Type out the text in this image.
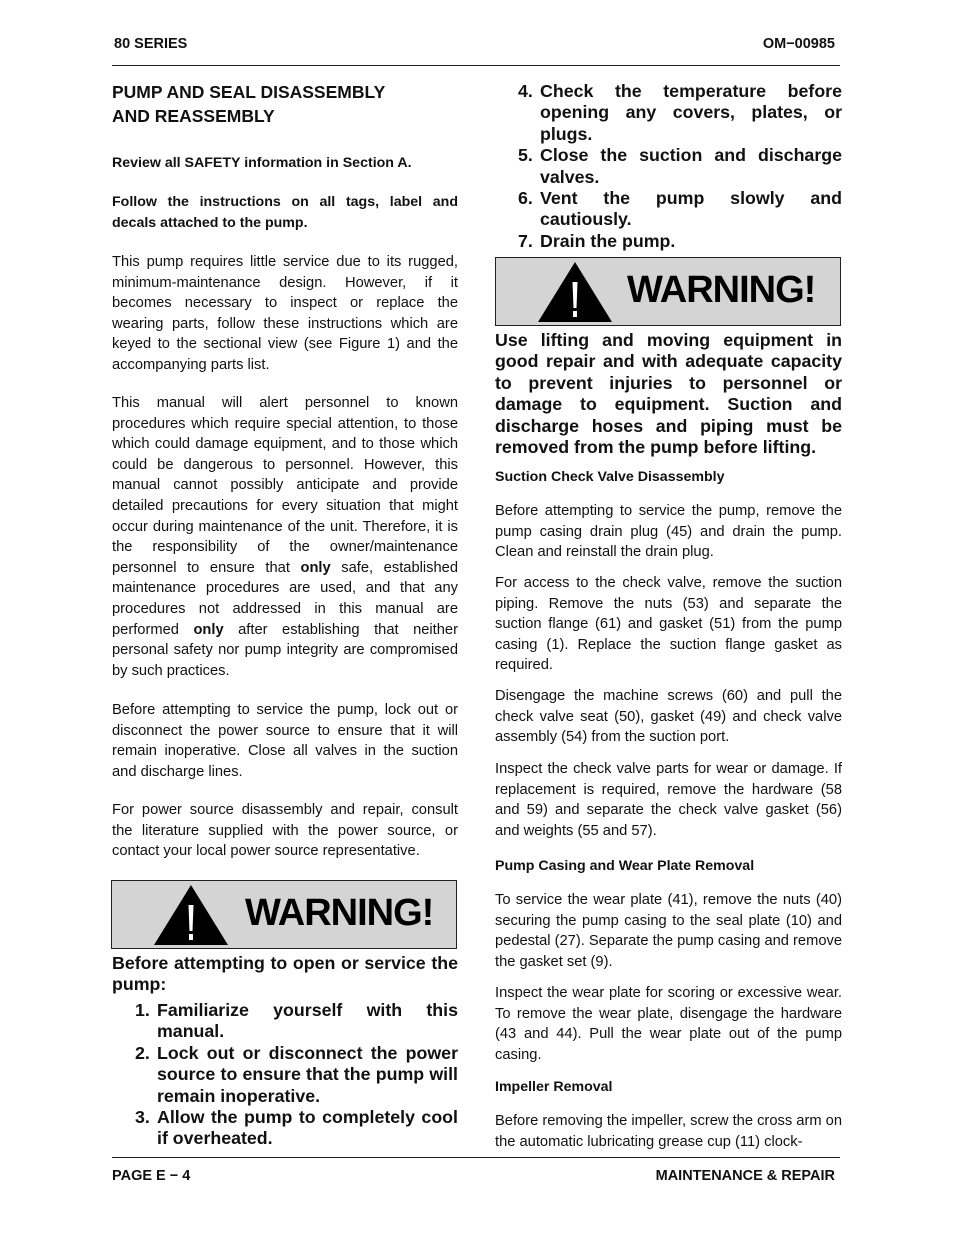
80 SERIES	OM−00985
PUMP AND SEAL DISASSEMBLY
AND REASSEMBLY
Review all SAFETY information in Section A.
Follow the instructions on all tags, label and decals attached to the pump.
This pump requires little service due to its rugged, minimum-maintenance design. However, if it becomes necessary to inspect or replace the wearing parts, follow these instructions which are keyed to the sectional view (see Figure 1) and the accompanying parts list.
This manual will alert personnel to known procedures which require special attention, to those which could damage equipment, and to those which could be dangerous to personnel. However, this manual cannot possibly anticipate and provide detailed precautions for every situation that might occur during maintenance of the unit. Therefore, it is the responsibility of the owner/maintenance personnel to ensure that only safe, established maintenance procedures are used, and that any procedures not addressed in this manual are performed only after establishing that neither personal safety nor pump integrity are compromised by such practices.
Before attempting to service the pump, lock out or disconnect the power source to ensure that it will remain inoperative. Close all valves in the suction and discharge lines.
For power source disassembly and repair, consult the literature supplied with the power source, or contact your local power source representative.
WARNING!
Before attempting to open or service the pump:
1. Familiarize yourself with this manual.
2. Lock out or disconnect the power source to ensure that the pump will remain inoperative.
3. Allow the pump to completely cool if overheated.
4. Check the temperature before opening any covers, plates, or plugs.
5. Close the suction and discharge valves.
6. Vent the pump slowly and cautiously.
7. Drain the pump.
WARNING!
Use lifting and moving equipment in good repair and with adequate capacity to prevent injuries to personnel or damage to equipment. Suction and discharge hoses and piping must be removed from the pump before lifting.
Suction Check Valve Disassembly
Before attempting to service the pump, remove the pump casing drain plug (45) and drain the pump. Clean and reinstall the drain plug.
For access to the check valve, remove the suction piping. Remove the nuts (53) and separate the suction flange (61) and gasket (51) from the pump casing (1). Replace the suction flange gasket as required.
Disengage the machine screws (60) and pull the check valve seat (50), gasket (49) and check valve assembly (54) from the suction port.
Inspect the check valve parts for wear or damage. If replacement is required, remove the hardware (58 and 59) and separate the check valve gasket (56) and weights (55 and 57).
Pump Casing and Wear Plate Removal
To service the wear plate (41), remove the nuts (40) securing the pump casing to the seal plate (10) and pedestal (27). Separate the pump casing and remove the gasket set (9).
Inspect the wear plate for scoring or excessive wear. To remove the wear plate, disengage the hardware (43 and 44). Pull the wear plate out of the pump casing.
Impeller Removal
Before removing the impeller, screw the cross arm on the automatic lubricating grease cup (11) clock-
PAGE E − 4	MAINTENANCE & REPAIR
